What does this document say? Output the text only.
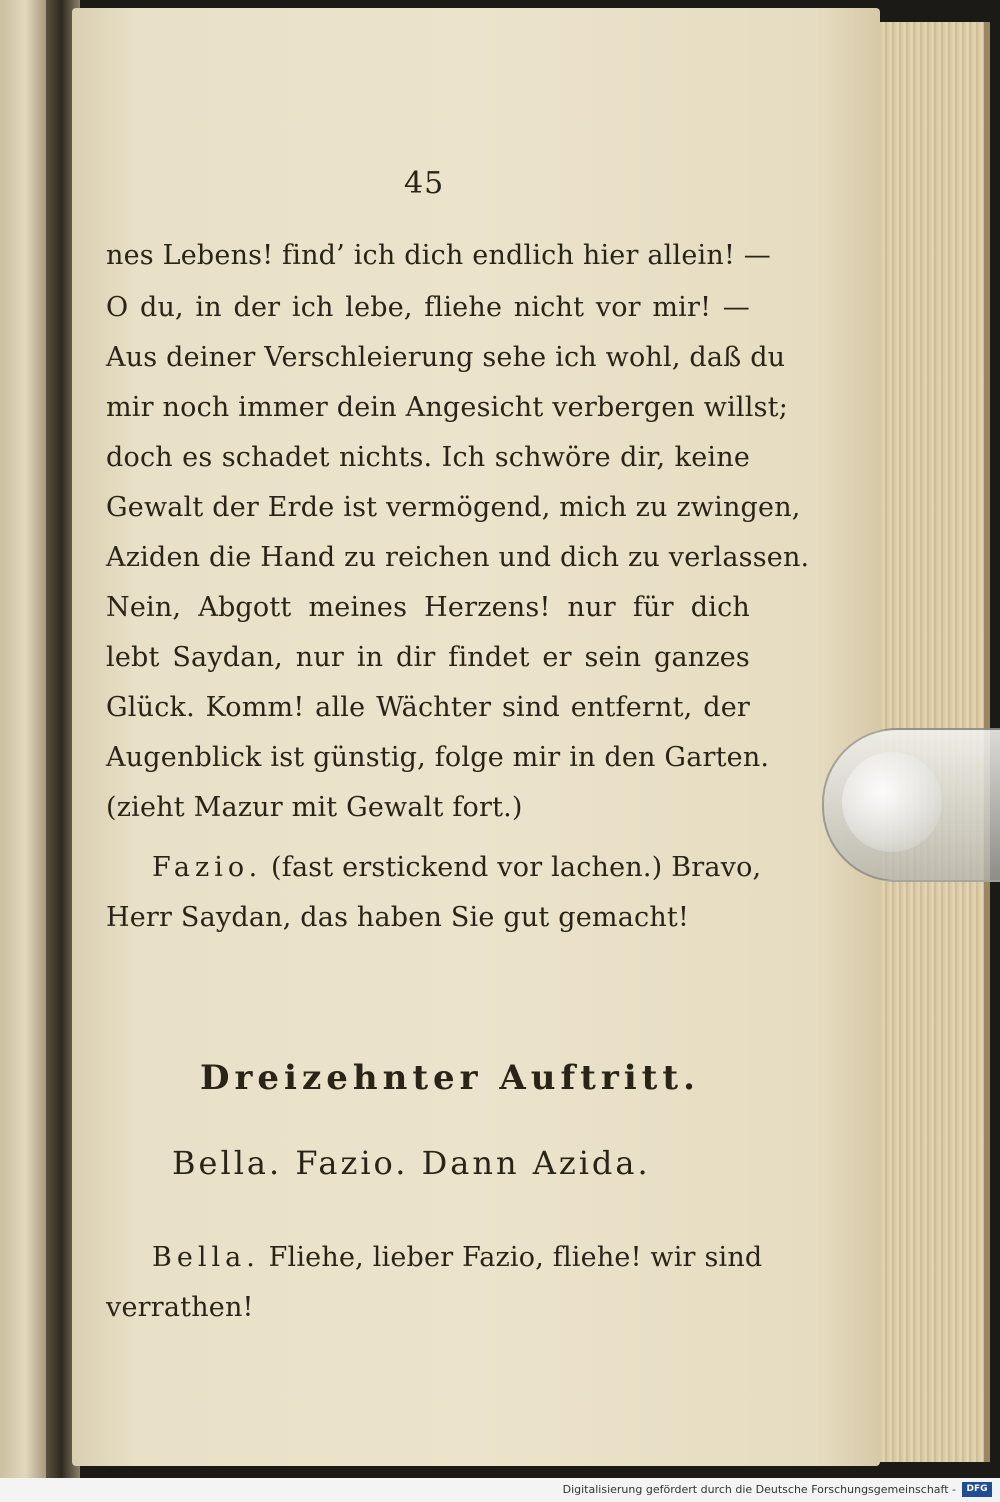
45
nes Lebens! find’ ich dich endlich hier allein! —
O du, in der ich lebe, fliehe nicht vor mir! —
Aus deiner Verschleierung sehe ich wohl, daß du
mir noch immer dein Angesicht verbergen willst;
doch es schadet nichts. Ich schwöre dir, keine
Gewalt der Erde ist vermögend, mich zu zwingen,
Aziden die Hand zu reichen und dich zu verlassen.
Nein, Abgott meines Herzens! nur für dich
lebt Saydan, nur in dir findet er sein ganzes
Glück. Komm! alle Wächter sind entfernt, der
Augenblick ist günstig, folge mir in den Garten.
(zieht Mazur mit Gewalt fort.)
Fazio. (fast erstickend vor lachen.) Bravo,
Herr Saydan, das haben Sie gut gemacht!
Dreizehnter Auftritt.
Bella. Fazio. Dann Azida.
Bella. Fliehe, lieber Fazio, fliehe! wir sind
verrathen!
Digitalisierung gefördert durch die Deutsche Forschungsgemeinschaft -	DFG
